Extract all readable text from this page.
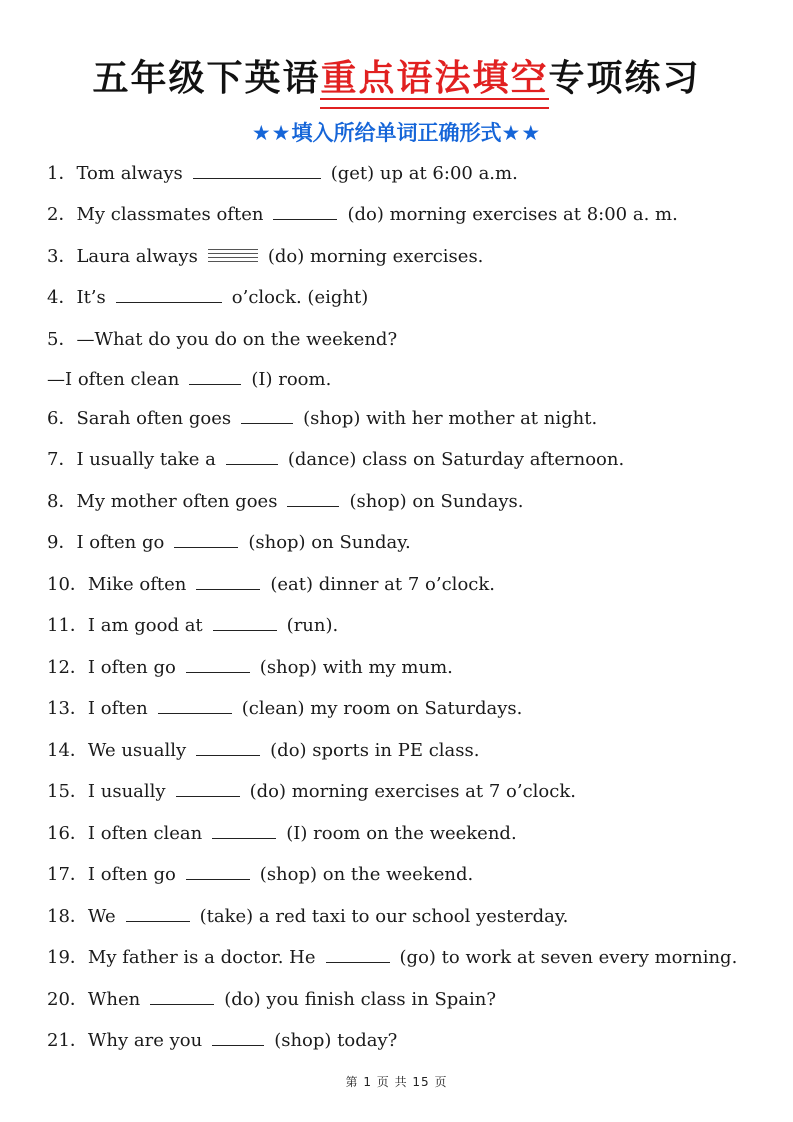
五年级下英语重点语法填空专项练习
★★填入所给单词正确形式★★
1．Tom always	(get) up at 6:00 a.m.
2．My classmates often	(do) morning exercises at 8:00 a. m.
3．Laura always	(do) morning exercises.
4．It’s	o’clock. (eight)
5．—What do you do on the weekend?
—I often clean	(I) room.
6．Sarah often goes	(shop) with her mother at night.
7．I usually take a	(dance) class on Saturday afternoon.
8．My mother often goes	(shop) on Sundays.
9．I often go	(shop) on Sunday.
10．Mike often	(eat) dinner at 7 o’clock.
11．I am good at	(run).
12．I often go	(shop) with my mum.
13．I often	(clean) my room on Saturdays.
14．We usually	(do) sports in PE class.
15．I usually	(do) morning exercises at 7 o’clock.
16．I often clean	(I) room on the weekend.
17．I often go	(shop) on the weekend.
18．We	(take) a red taxi to our school yesterday.
19．My father is a doctor. He	(go) to work at seven every morning.
20．When	(do) you finish class in Spain?
21．Why are you	(shop) today?
第 1 页 共 15 页
